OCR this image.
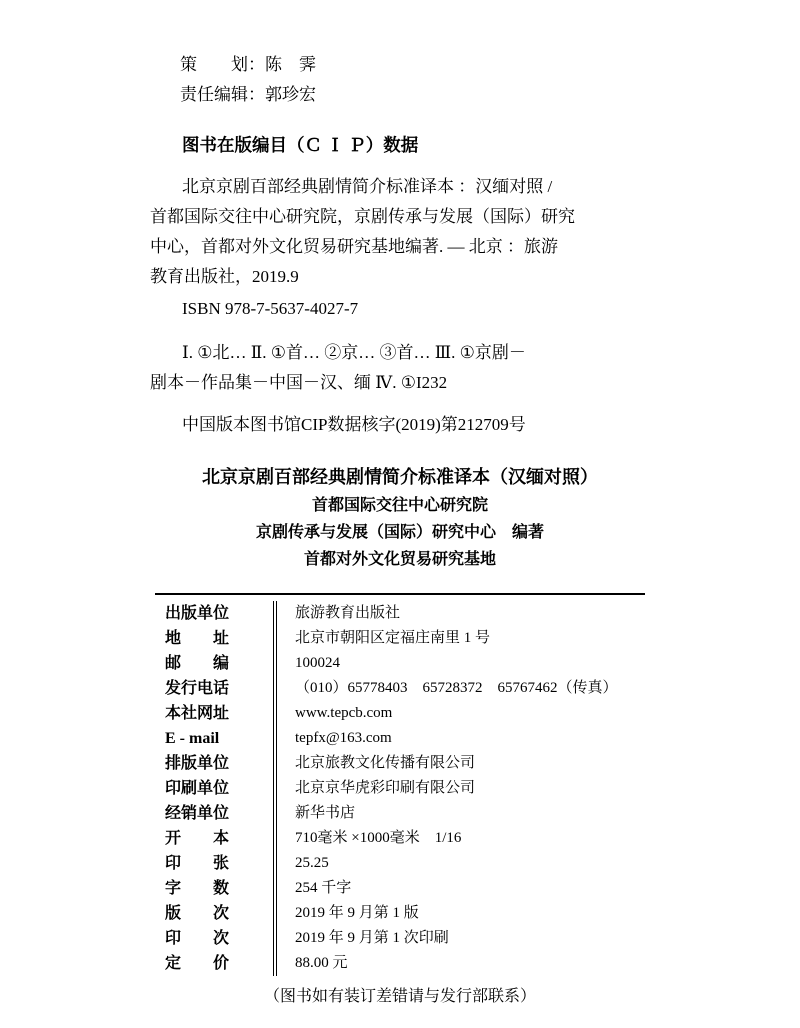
策　　划：陈　霁
责任编辑：郭珍宏
图书在版编目（Ｃ Ｉ Ｐ）数据
北京京剧百部经典剧情简介标准译本 ：汉缅对照 /
首都国际交往中心研究院，京剧传承与发展（国际）研究
中心，首都对外文化贸易研究基地编著. — 北京 ：旅游
教育出版社，2019.9
ISBN 978-7-5637-4027-7
Ⅰ. ①北… Ⅱ. ①首… ②京… ③首… Ⅲ. ①京剧－
剧本－作品集－中国－汉、缅 Ⅳ. ①I232
中国版本图书馆CIP数据核字(2019)第212709号
北京京剧百部经典剧情简介标准译本（汉缅对照）
首都国际交往中心研究院
京剧传承与发展（国际）研究中心　编著
首都对外文化贸易研究基地
出版单位	旅游教育出版社
地　　址	北京市朝阳区定福庄南里 1 号
邮　　编	100024
发行电话	（010）65778403　65728372　65767462（传真）
本社网址	www.tepcb.com
E - mail	tepfx@163.com
排版单位	北京旅教文化传播有限公司
印刷单位	北京京华虎彩印刷有限公司
经销单位	新华书店
开　　本	710毫米 ×1000毫米　1/16
印　　张	25.25
字　　数	254 千字
版　　次	2019 年 9 月第 1 版
印　　次	2019 年 9 月第 1 次印刷
定　　价	88.00 元
（图书如有装订差错请与发行部联系）
